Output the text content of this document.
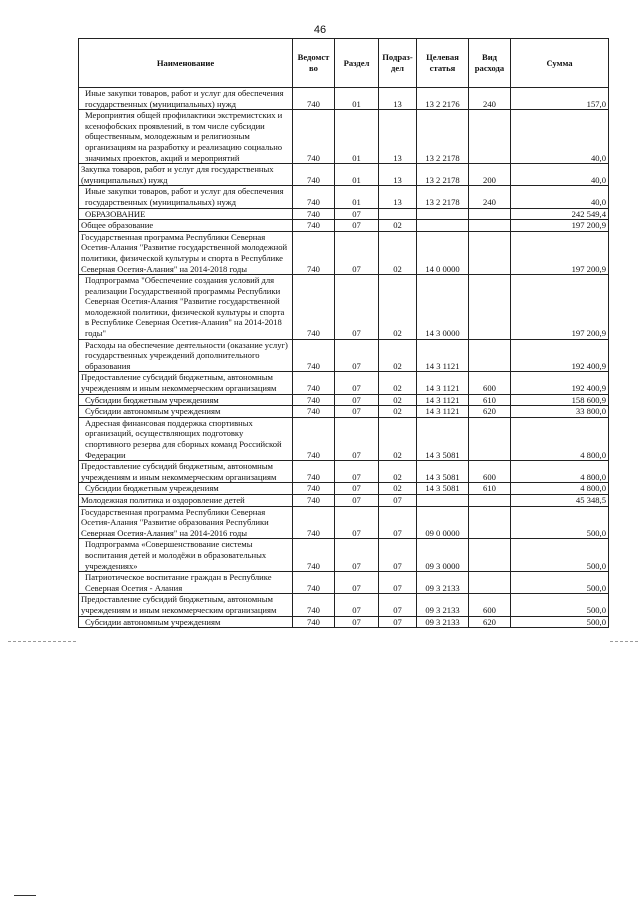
46
Наименование	Ведомст во	Раздел	Подраз- дел	Целевая статья	Вид расхода	Сумма
Иные закупки товаров, работ и услуг для обеспечения государственных (муниципальных) нужд	740	01	13	13 2 2176	240	157,0
Мероприятия общей профилактики экстремистских и ксенофобских проявлений, в том числе субсидии общественным, молодежным и религиозным организациям на разработку и реализацию социально значимых проектов, акций и мероприятий	740	01	13	13 2 2178		40,0
Закупка товаров, работ и услуг для государственных (муниципальных) нужд	740	01	13	13 2 2178	200	40,0
Иные закупки товаров, работ и услуг для обеспечения государственных (муниципальных) нужд	740	01	13	13 2 2178	240	40,0
ОБРАЗОВАНИЕ	740	07				242 549,4
Общее образование	740	07	02			197 200,9
Государственная программа Республики Северная Осетия-Алания "Развитие государственной молодежной политики, физической культуры и спорта в Республике Северная Осетия-Алания" на 2014-2018 годы	740	07	02	14 0 0000		197 200,9
Подпрограмма "Обеспечение создания условий для реализации Государственной программы Республики Северная Осетия-Алания "Развитие государственной молодежной политики, физической культуры и спорта в Республике Северная Осетия-Алания" на 2014-2018 годы"	740	07	02	14 3 0000		197 200,9
Расходы на обеспечение деятельности (оказание услуг) государственных учреждений дополнительного образования	740	07	02	14 3 1121		192 400,9
Предоставление субсидий бюджетным, автономным учреждениям и иным некоммерческим организациям	740	07	02	14 3 1121	600	192 400,9
Субсидии бюджетным учреждениям	740	07	02	14 3 1121	610	158 600,9
Субсидии автономным учреждениям	740	07	02	14 3 1121	620	33 800,0
Адресная финансовая поддержка спортивных организаций, осуществляющих подготовку спортивного резерва для сборных команд Российской Федерации	740	07	02	14 3 5081		4 800,0
Предоставление субсидий бюджетным, автономным учреждениям и иным некоммерческим организациям	740	07	02	14 3 5081	600	4 800,0
Субсидии бюджетным учреждениям	740	07	02	14 3 5081	610	4 800,0
Молодежная политика и оздоровление детей	740	07	07			45 348,5
Государственная программа Республики Северная Осетия-Алания "Развитие образования Республики Северная Осетия-Алания" на 2014-2016 годы	740	07	07	09 0 0000		500,0
Подпрограмма «Совершенствование системы воспитания детей и молодёжи в образовательных учреждениях»	740	07	07	09 3 0000		500,0
Патриотическое воспитание граждан в Республике Северная Осетия - Алания	740	07	07	09 3 2133		500,0
Предоставление субсидий бюджетным, автономным учреждениям и иным некоммерческим организациям	740	07	07	09 3 2133	600	500,0
Субсидии автономным учреждениям	740	07	07	09 3 2133	620	500,0
